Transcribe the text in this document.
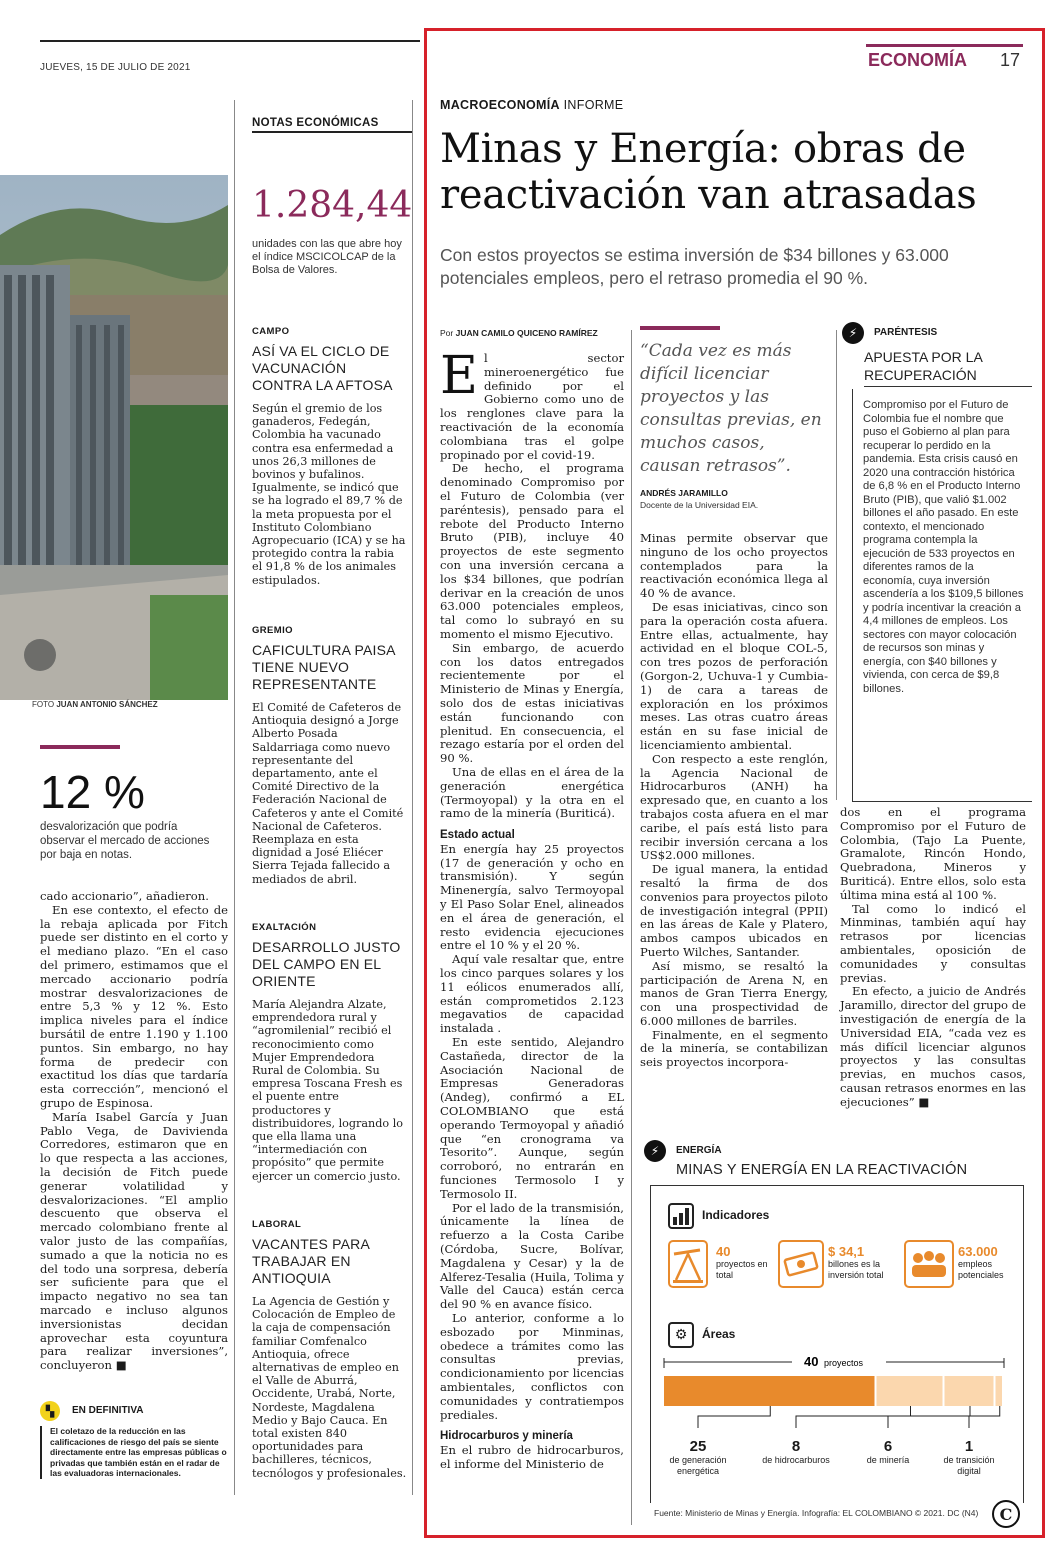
JUEVES, 15 DE JULIO DE 2021
FOTO JUAN ANTONIO SÁNCHEZ
12 %
desvalorización que podría observar el mercado de acciones por baja en notas.

cado accionario”, añadieron.

En ese contexto, el efecto de la rebaja aplicada por Fitch puede ser distinto en el corto y el mediano plazo. “En el caso del primero, estimamos que el mercado accionario podría mostrar desvalorizaciones de entre 5,3 % y 12 %. Esto implica niveles para el índice bursátil de entre 1.190 y 1.100 puntos. Sin embargo, no hay forma de predecir con exactitud los días que tardaría esta corrección”, mencionó el grupo de Espinosa.

María Isabel García y Juan Pablo Vega, de Davivienda Corredores, estimaron que en lo que respecta a las acciones, la decisión de Fitch puede generar volatilidad y desvalorizaciones. “El amplio descuento que observa el mercado colombiano frente al valor justo de las compañías, sumado a que la noticia no es del todo una sorpresa, debería ser suficiente para que el impacto negativo no sea tan marcado e incluso algunos inversionistas decidan aprovechar esta coyuntura para realizar inversiones”, concluyeron ■

▚	EN DEFINITIVA
El coletazo de la reducción en las calificaciones de riesgo del país se siente directamente entre las empresas públicas o privadas que también están en el radar de las evaluadoras internacionales.
NOTAS ECONÓMICAS
1.284,44
unidades con las que abre hoy el índice MSCICOLCAP de la Bolsa de Valores.
CAMPO
ASÍ VA EL CICLO DE VACUNACIÓN CONTRA LA AFTOSA
Según el gremio de los ganaderos, Fedegán, Colombia ha vacunado contra esa enfermedad a unos 26,3 millones de bovinos y bufalinos. Igualmente, se indicó que se ha logrado el 89,7 % de la meta propuesta por el Instituto Colombiano Agropecuario (ICA) y se ha protegido contra la rabia el 91,8 % de los animales estipulados.
GREMIO
CAFICULTURA PAISA TIENE NUEVO REPRESENTANTE
El Comité de Cafeteros de Antioquia designó a Jorge Alberto Posada Saldarriaga como nuevo representante del departamento, ante el Comité Directivo de la Federación Nacional de Cafeteros y ante el Comité Nacional de Cafeteros. Reemplaza en esta dignidad a José Eliécer Sierra Tejada fallecido a mediados de abril.
EXALTACIÓN
DESARROLLO JUSTO DEL CAMPO EN EL ORIENTE
María Alejandra Alzate, emprendedora rural y “agromilenial” recibió el reconocimiento como Mujer Emprendedora Rural de Colombia. Su empresa Toscana Fresh es el puente entre productores y distribuidores, logrando lo que ella llama una “intermediación con propósito” que permite ejercer un comercio justo.
LABORAL
VACANTES PARA TRABAJAR EN ANTIOQUIA
La Agencia de Gestión y Colocación de Empleo de la caja de compensación familiar Comfenalco Antioquia, ofrece alternativas de empleo en el Valle de Aburrá, Occidente, Urabá, Norte, Nordeste, Magdalena Medio y Bajo Cauca. En total existen 840 oportunidades para bachilleres, técnicos, tecnólogos y profesionales.
ECONOMÍA 17
MACROECONOMÍA INFORME
Minas y Energía: obras de reactivación van atrasadas
Con estos proyectos se estima inversión de $34 billones y 63.000 potenciales empleos, pero el retraso promedia el 90 %.
Por JUAN CAMILO QUICENO RAMÍREZ
E l sector mineroenergético fue definido por el Gobierno como uno de los renglones clave para la reactivación de la economía colombiana tras el golpe propinado por el covid-19.

De hecho, el programa denominado Compromiso por el Futuro de Colombia (ver paréntesis), pensado para el rebote del Producto Interno Bruto (PIB), incluye 40 proyectos de este segmento con una inversión cercana a los $34 billones, que podrían derivar en la creación de unos 63.000 potenciales empleos, tal como lo subrayó en su momento el mismo Ejecutivo.

Sin embargo, de acuerdo con los datos entregados recientemente por el Ministerio de Minas y Energía, solo dos de estas iniciativas están funcionando con plenitud. En consecuencia, el rezago estaría por el orden del 90 %.

Una de ellas en el área de la generación energética (Termoyopal) y la otra en el ramo de la minería (Buriticá).

Estado actual

En energía hay 25 proyectos (17 de generación y ocho en transmisión). Y según Minenergía, salvo Termoyopal y El Paso Solar Enel, alineados en el área de generación, el resto evidencia ejecuciones entre el 10 % y el 20 %.

Aquí vale resaltar que, entre los cinco parques solares y los 11 eólicos enumerados allí, están comprometidos 2.123 megavatios de capacidad instalada .

En este sentido, Alejandro Castañeda, director de la Asociación Nacional de Empresas Generadoras (Andeg), confirmó a EL COLOMBIANO que está operando Termoyopal y añadió que “en cronograma va Tesorito”. Aunque, según corroboró, no entrarán en funciones Termosolo I y Termosolo II.

Por el lado de la transmisión, únicamente la línea de refuerzo a la Costa Caribe (Córdoba, Sucre, Bolívar, Magdalena y Cesar) y la de Alferez-Tesalia (Huila, Tolima y Valle del Cauca) están cerca del 90 % en avance físico.

Lo anterior, conforme a lo esbozado por Minminas, obedece a trámites como las consultas previas, condicionamiento por licencias ambientales, conflictos con comunidades y contratiempos prediales.

Hidrocarburos y minería

En el rubro de hidrocarburos, el informe del Ministerio de

“Cada vez es más difícil licenciar proyectos y las consultas previas, en muchos casos, causan retrasos”.
ANDRÉS JARAMILLO
Docente de la Universidad EIA.

Minas permite observar que ninguno de los ocho proyectos contemplados para la reactivación económica llega al 40 % de avance.

De esas iniciativas, cinco son para la operación costa afuera. Entre ellas, actualmente, hay actividad en el bloque COL-5, con tres pozos de perforación (Gorgon-2, Uchuva-1 y Cumbia-1) de cara a tareas de exploración en los próximos meses. Las otras cuatro áreas están en su fase inicial de licenciamiento ambiental.

Con respecto a este renglón, la Agencia Nacional de Hidrocarburos (ANH) ha expresado que, en cuanto a los trabajos costa afuera en el mar caribe, el país está listo para recibir inversión cercana a los US$2.000 millones.

De igual manera, la entidad resaltó la firma de dos convenios para proyectos piloto de investigación integral (PPII) en las áreas de Kale y Platero, ambos campos ubicados en Puerto Wilches, Santander.

Así mismo, se resaltó la participación de Arena N, en manos de Gran Tierra Energy, con una prospectividad de 6.000 millones de barriles.

Finalmente, en el segmento de la minería, se contabilizan seis proyectos incorpora-

⚡	PARÉNTESIS
APUESTA POR LA RECUPERACIÓN
Compromiso por el Futuro de Colombia fue el nombre que puso el Gobierno al plan para recuperar lo perdido en la pandemia. Esta crisis causó en 2020 una contracción histórica de 6,8 % en el Producto Interno Bruto (PIB), que valió $1.002 billones el año pasado. En este contexto, el mencionado programa contempla la ejecución de 533 proyectos en diferentes ramos de la economía, cuya inversión ascendería a los $109,5 billones y podría incentivar la creación a 4,4 millones de empleos. Los sectores con mayor colocación de recursos son minas y energía, con $40 billones y vivienda, con cerca de $9,8 billones.

dos en el programa Compromiso por el Futuro de Colombia, (Tajo La Puente, Gramalote, Rincón Hondo, Quebradona, Mineros y Buriticá). Entre ellos, solo esta última mina está al 100 %.

Tal como lo indicó el Minminas, también aquí hay retrasos por licencias ambientales, oposición de comunidades y consultas previas.

En efecto, a juicio de Andrés Jaramillo, director del grupo de investigación de energía de la Universidad EIA, “cada vez es más difícil licenciar algunos proyectos y las consultas previas, en muchos casos, causan retrasos enormes en las ejecuciones” ■

⚡	ENERGÍA
MINAS Y ENERGÍA EN LA REACTIVACIÓN
Indicadores
40
proyectos en total
$ 34,1
billones es la inversión total
63.000
empleos potenciales
⚙	Áreas
40 proyectos
25
de generación energética
8
de hidrocarburos
6
de minería
1
de transición digital
C
Fuente: Ministerio de Minas y Energía. Infografía: EL COLOMBIANO © 2021. DC (N4)
